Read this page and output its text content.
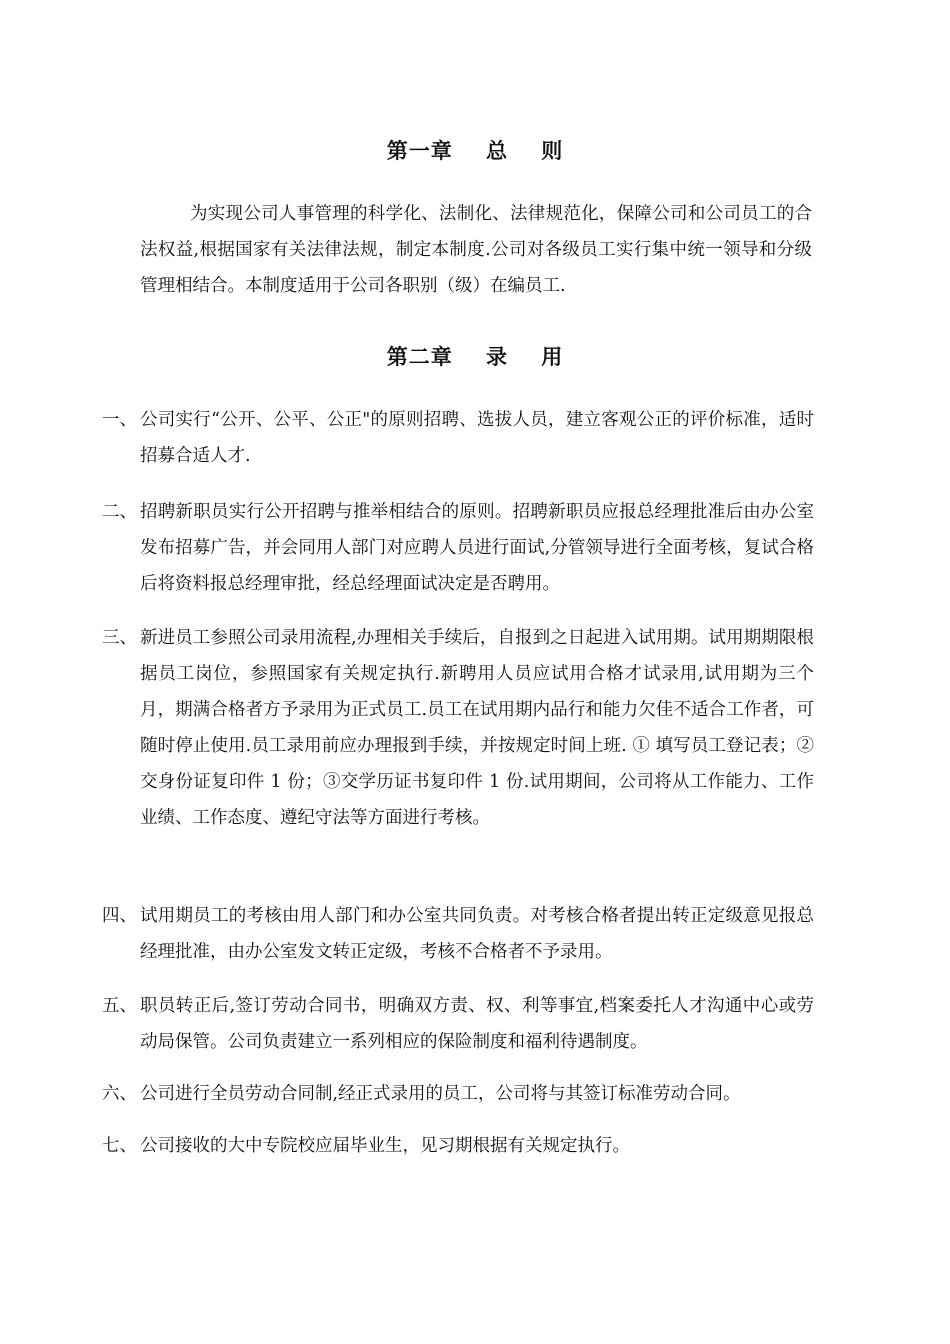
第一章    总    则
为实现公司人事管理的科学化、法制化、法律规范化，保障公司和公司员工的合法权益,根据国家有关法律法规，制定本制度.公司对各级员工实行集中统一领导和分级管理相结合。本制度适用于公司各职别（级）在编员工.
第二章    录    用
一、 公司实行“公开、公平、公正"的原则招聘、选拔人员，建立客观公正的评价标准，适时招募合适人才.
二、 招聘新职员实行公开招聘与推举相结合的原则。招聘新职员应报总经理批准后由办公室发布招募广告，并会同用人部门对应聘人员进行面试,分管领导进行全面考核，复试合格后将资料报总经理审批，经总经理面试决定是否聘用。
三、 新进员工参照公司录用流程,办理相关手续后，自报到之日起进入试用期。试用期期限根据员工岗位，参照国家有关规定执行.新聘用人员应试用合格才试录用,试用期为三个月，期满合格者方予录用为正式员工.员工在试用期内品行和能力欠佳不适合工作者，可随时停止使用.员工录用前应办理报到手续，并按规定时间上班. ① 填写员工登记表；②交身份证复印件 1 份；③交学历证书复印件 1 份.试用期间，公司将从工作能力、工作业绩、工作态度、遵纪守法等方面进行考核。
四、 试用期员工的考核由用人部门和办公室共同负责。对考核合格者提出转正定级意见报总经理批准，由办公室发文转正定级，考核不合格者不予录用。
五、 职员转正后,签订劳动合同书，明确双方责、权、利等事宜,档案委托人才沟通中心或劳动局保管。公司负责建立一系列相应的保险制度和福利待遇制度。
六、 公司进行全员劳动合同制,经正式录用的员工，公司将与其签订标准劳动合同。
七、 公司接收的大中专院校应届毕业生，见习期根据有关规定执行。
